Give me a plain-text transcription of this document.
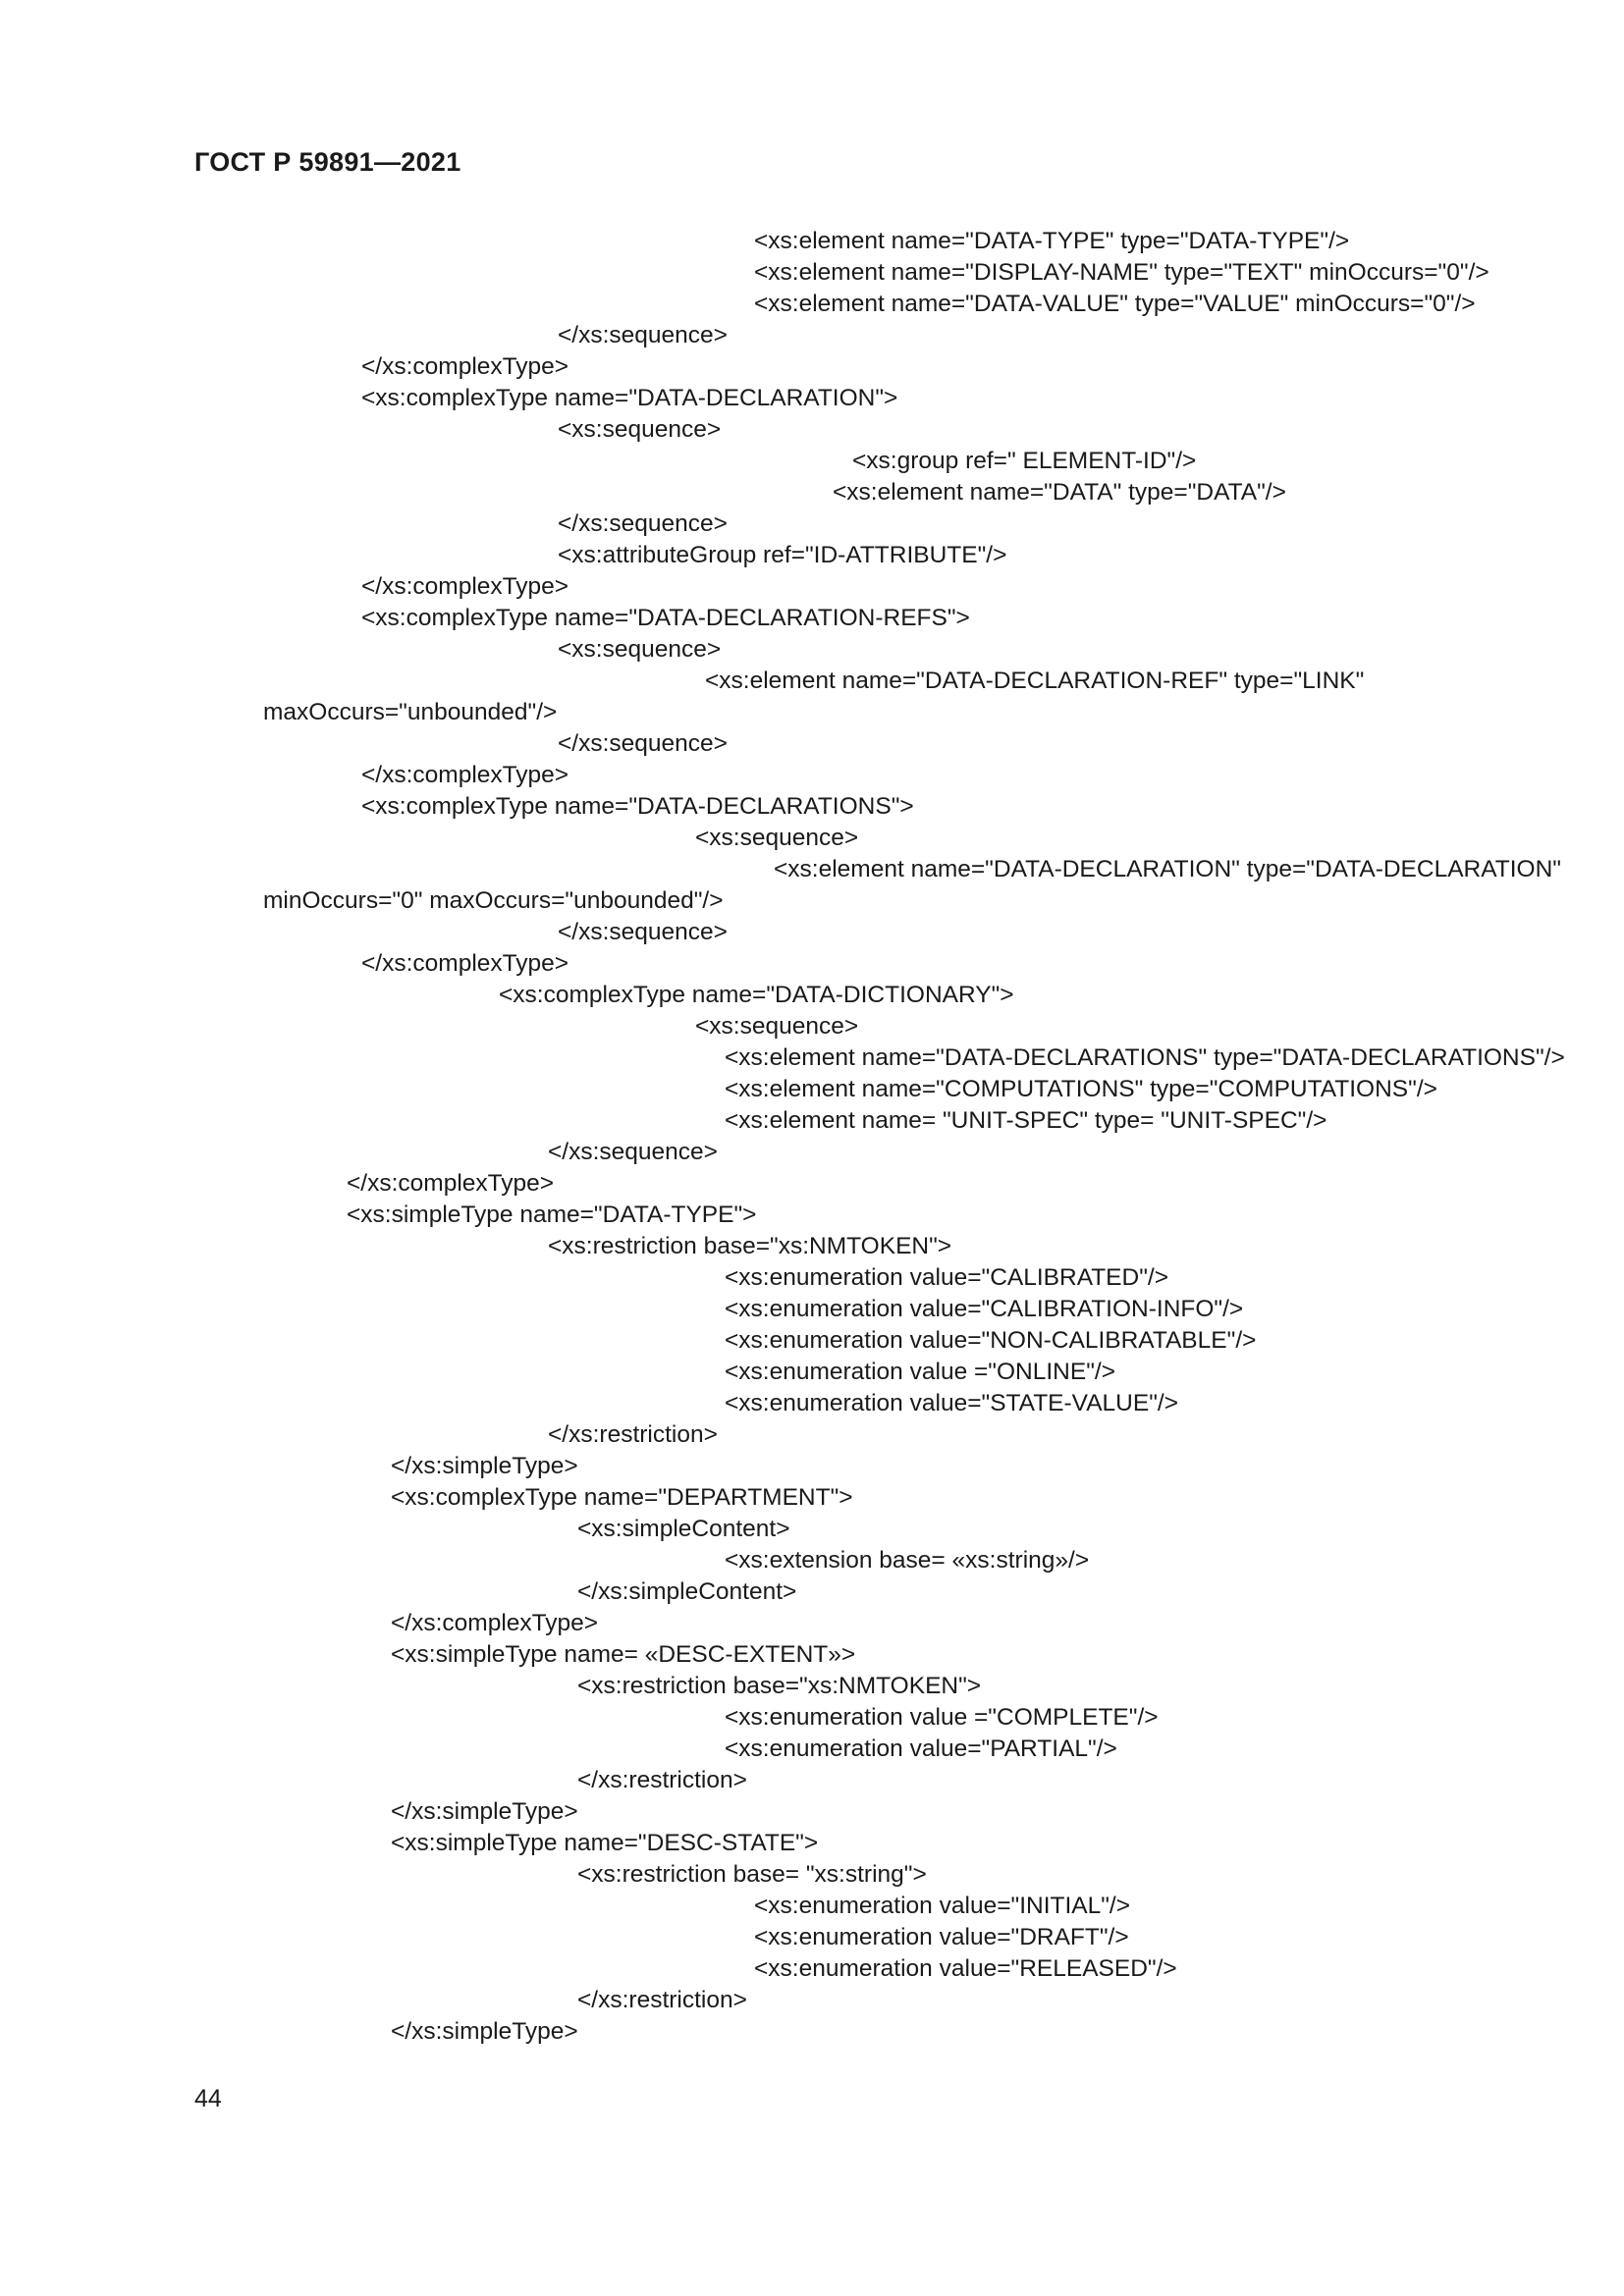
ГОСТ Р 59891—2021
<xs:element name="DATA-TYPE" type="DATA-TYPE"/>
<xs:element name="DISPLAY-NAME" type="TEXT" minOccurs="0"/>
<xs:element name="DATA-VALUE" type="VALUE" minOccurs="0"/>
</xs:sequence>
</xs:complexType>
<xs:complexType name="DATA-DECLARATION">
<xs:sequence>
<xs:group ref=" ELEMENT-ID"/>
<xs:element name="DATA" type="DATA"/>
</xs:sequence>
<xs:attributeGroup ref="ID-ATTRIBUTE"/>
</xs:complexType>
<xs:complexType name="DATA-DECLARATION-REFS">
<xs:sequence>
<xs:element name="DATA-DECLARATION-REF" type="LINK"
maxOccurs="unbounded"/>
</xs:sequence>
</xs:complexType>
<xs:complexType name="DATA-DECLARATIONS">
<xs:sequence>
<xs:element name="DATA-DECLARATION" type="DATA-DECLARATION"
minOccurs="0" maxOccurs="unbounded"/>
</xs:sequence>
</xs:complexType>
<xs:complexType name="DATA-DICTIONARY">
<xs:sequence>
<xs:element name="DATA-DECLARATIONS" type="DATA-DECLARATIONS"/>
<xs:element name="COMPUTATIONS" type="COMPUTATIONS"/>
<xs:element name= "UNIT-SPEC" type= "UNIT-SPEC"/>
</xs:sequence>
</xs:complexType>
<xs:simpleType name="DATA-TYPE">
<xs:restriction base="xs:NMTOKEN">
<xs:enumeration value="CALIBRATED"/>
<xs:enumeration value="CALIBRATION-INFO"/>
<xs:enumeration value="NON-CALIBRATABLE"/>
<xs:enumeration value ="ONLINE"/>
<xs:enumeration value="STATE-VALUE"/>
</xs:restriction>
</xs:simpleType>
<xs:complexType name="DEPARTMENT">
<xs:simpleContent>
<xs:extension base= «xs:string»/>
</xs:simpleContent>
</xs:complexType>
<xs:simpleType name= «DESC-EXTENT»>
<xs:restriction base="xs:NMTOKEN">
<xs:enumeration value ="COMPLETE"/>
<xs:enumeration value="PARTIAL"/>
</xs:restriction>
</xs:simpleType>
<xs:simpleType name="DESC-STATE">
<xs:restriction base= "xs:string">
<xs:enumeration value="INITIAL"/>
<xs:enumeration value="DRAFT"/>
<xs:enumeration value="RELEASED"/>
</xs:restriction>
</xs:simpleType>
44
